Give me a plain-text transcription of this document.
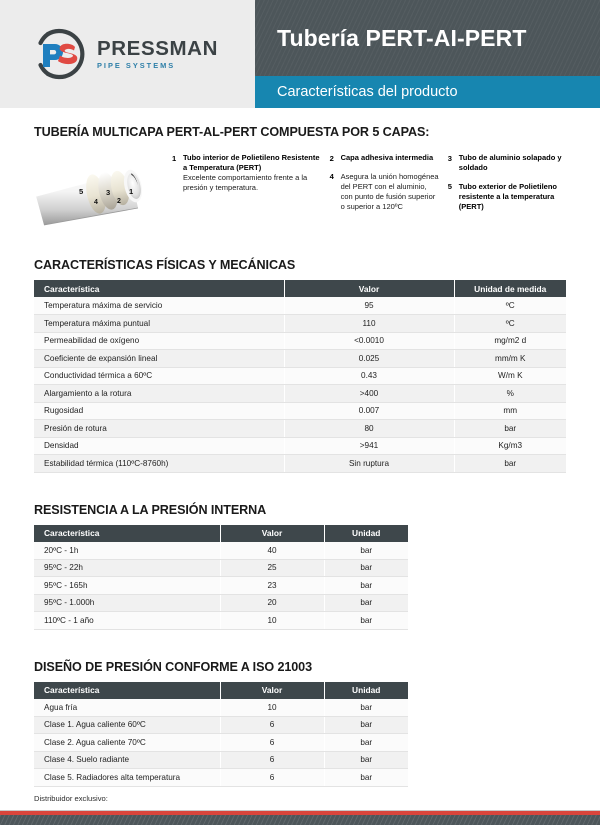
PRESSMAN
PIPE SYSTEMS
Tubería PERT-AI-PERT
Características del producto
TUBERÍA MULTICAPA PERT-AL-PERT COMPUESTA POR 5 CAPAS:
5
4
3
2
1
1 Tubo interior de Polietileno Resistente a Temperatura (PERT)
Excelente comportamiento frente a la presión y temperatura.
2 Capa adhesiva intermedia
4 Asegura la unión homogénea del PERT con el aluminio, con punto de fusión superior o superior a 120ºC
3 Tubo de aluminio solapado y soldado
5 Tubo exterior de Polietileno resistente a la temperatura (PERT)
CARACTERÍSTICAS FÍSICAS Y MECÁNICAS
Característica	Valor	Unidad de medida
Temperatura máxima de servicio	95	ºC
Temperatura máxima puntual	110	ºC
Permeabilidad de oxígeno	<0.0010	mg/m2 d
Coeficiente de expansión lineal	0.025	mm/m K
Conductividad térmica a 60ºC	0.43	W/m K
Alargamiento a la rotura	>400	%
Rugosidad	0.007	mm
Presión de rotura	80	bar
Densidad	>941	Kg/m3
Estabilidad térmica (110ºC-8760h)	Sin ruptura	bar
RESISTENCIA A LA PRESIÓN INTERNA
Característica	Valor	Unidad
20ºC - 1h	40	bar
95ºC - 22h	25	bar
95ºC - 165h	23	bar
95ºC - 1.000h	20	bar
110ºC - 1 año	10	bar
DISEÑO DE PRESIÓN CONFORME A ISO 21003
Característica	Valor	Unidad
Agua fría	10	bar
Clase 1. Agua caliente 60ºC	6	bar
Clase 2. Agua caliente 70ºC	6	bar
Clase 4. Suelo radiante	6	bar
Clase 5. Radiadores alta temperatura	6	bar
Distribuidor exclusivo:
